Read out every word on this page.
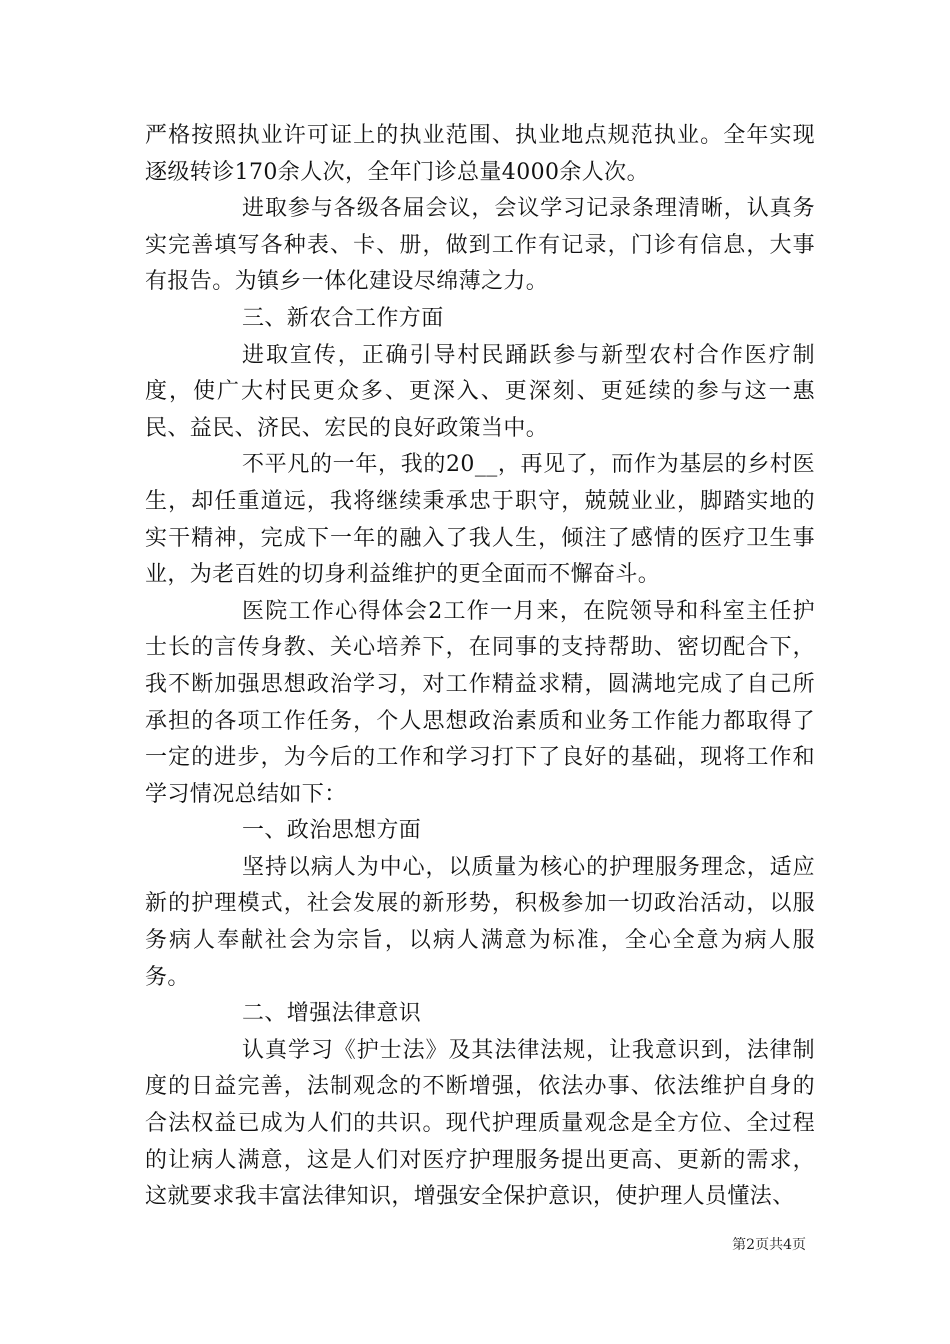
严格按照执业许可证上的执业范围、执业地点规范执业。全年实现逐级转诊170余人次，全年门诊总量4000余人次。

进取参与各级各届会议，会议学习记录条理清晰，认真务实完善填写各种表、卡、册，做到工作有记录，门诊有信息，大事有报告。为镇乡一体化建设尽绵薄之力。

三、新农合工作方面

进取宣传，正确引导村民踊跃参与新型农村合作医疗制度，使广大村民更众多、更深入、更深刻、更延续的参与这一惠民、益民、济民、宏民的良好政策当中。

不平凡的一年，我的20__，再见了，而作为基层的乡村医生，却任重道远，我将继续秉承忠于职守，兢兢业业，脚踏实地的实干精神，完成下一年的融入了我人生，倾注了感情的医疗卫生事业，为老百姓的切身利益维护的更全面而不懈奋斗。

医院工作心得体会2工作一月来，在院领导和科室主任护士长的言传身教、关心培养下，在同事的支持帮助、密切配合下，我不断加强思想政治学习，对工作精益求精，圆满地完成了自己所承担的各项工作任务，个人思想政治素质和业务工作能力都取得了一定的进步，为今后的工作和学习打下了良好的基础，现将工作和学习情况总结如下：

一、政治思想方面

坚持以病人为中心，以质量为核心的护理服务理念，适应新的护理模式，社会发展的新形势，积极参加一切政治活动，以服务病人奉献社会为宗旨，以病人满意为标准，全心全意为病人服务。

二、增强法律意识

认真学习《护士法》及其法律法规，让我意识到，法律制度的日益完善，法制观念的不断增强，依法办事、依法维护自身的合法权益已成为人们的共识。现代护理质量观念是全方位、全过程的让病人满意，这是人们对医疗护理服务提出更高、更新的需求，这就要求我丰富法律知识，增强安全保护意识，使护理人员懂法、

第2页共4页
